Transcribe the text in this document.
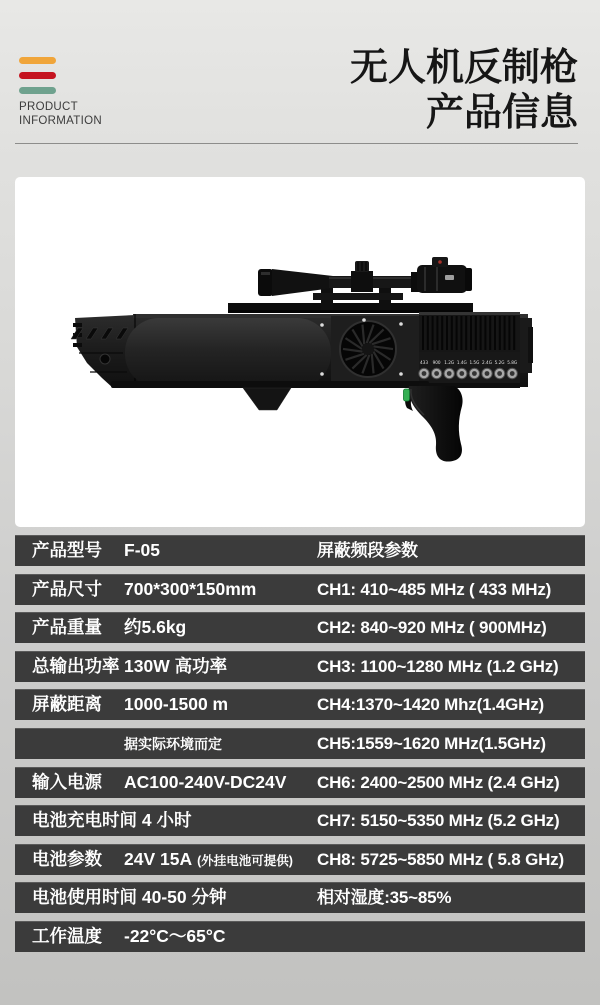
PRODUCT
INFORMATION
无人机反制枪
产品信息
433 900 1.2G 1.4G 1.5G 2.4G 5.2G 5.8G
产品型号 F-05	屏蔽频段参数
产品尺寸 700*300*150mm	CH1: 410~485 MHz ( 433 MHz)
产品重量 约5.6kg	CH2: 840~920 MHz ( 900MHz)
总输出功率 130W 高功率	CH3: 1100~1280 MHz (1.2 GHz)
屏蔽距离 1000-1500 m	CH4:1370~1420 Mhz(1.4GHz)
据实际环境而定	CH5:1559~1620 MHz(1.5GHz)
输入电源 AC100-240V-DC24V	CH6: 2400~2500 MHz (2.4 GHz)
电池充电时间 4 小时	CH7: 5150~5350 MHz (5.2 GHz)
电池参数 24V 15A (外挂电池可提供)	CH8: 5725~5850 MHz ( 5.8 GHz)
电池使用时间 40-50 分钟	相对湿度:35~85%
工作温度 -22°C～65°C
